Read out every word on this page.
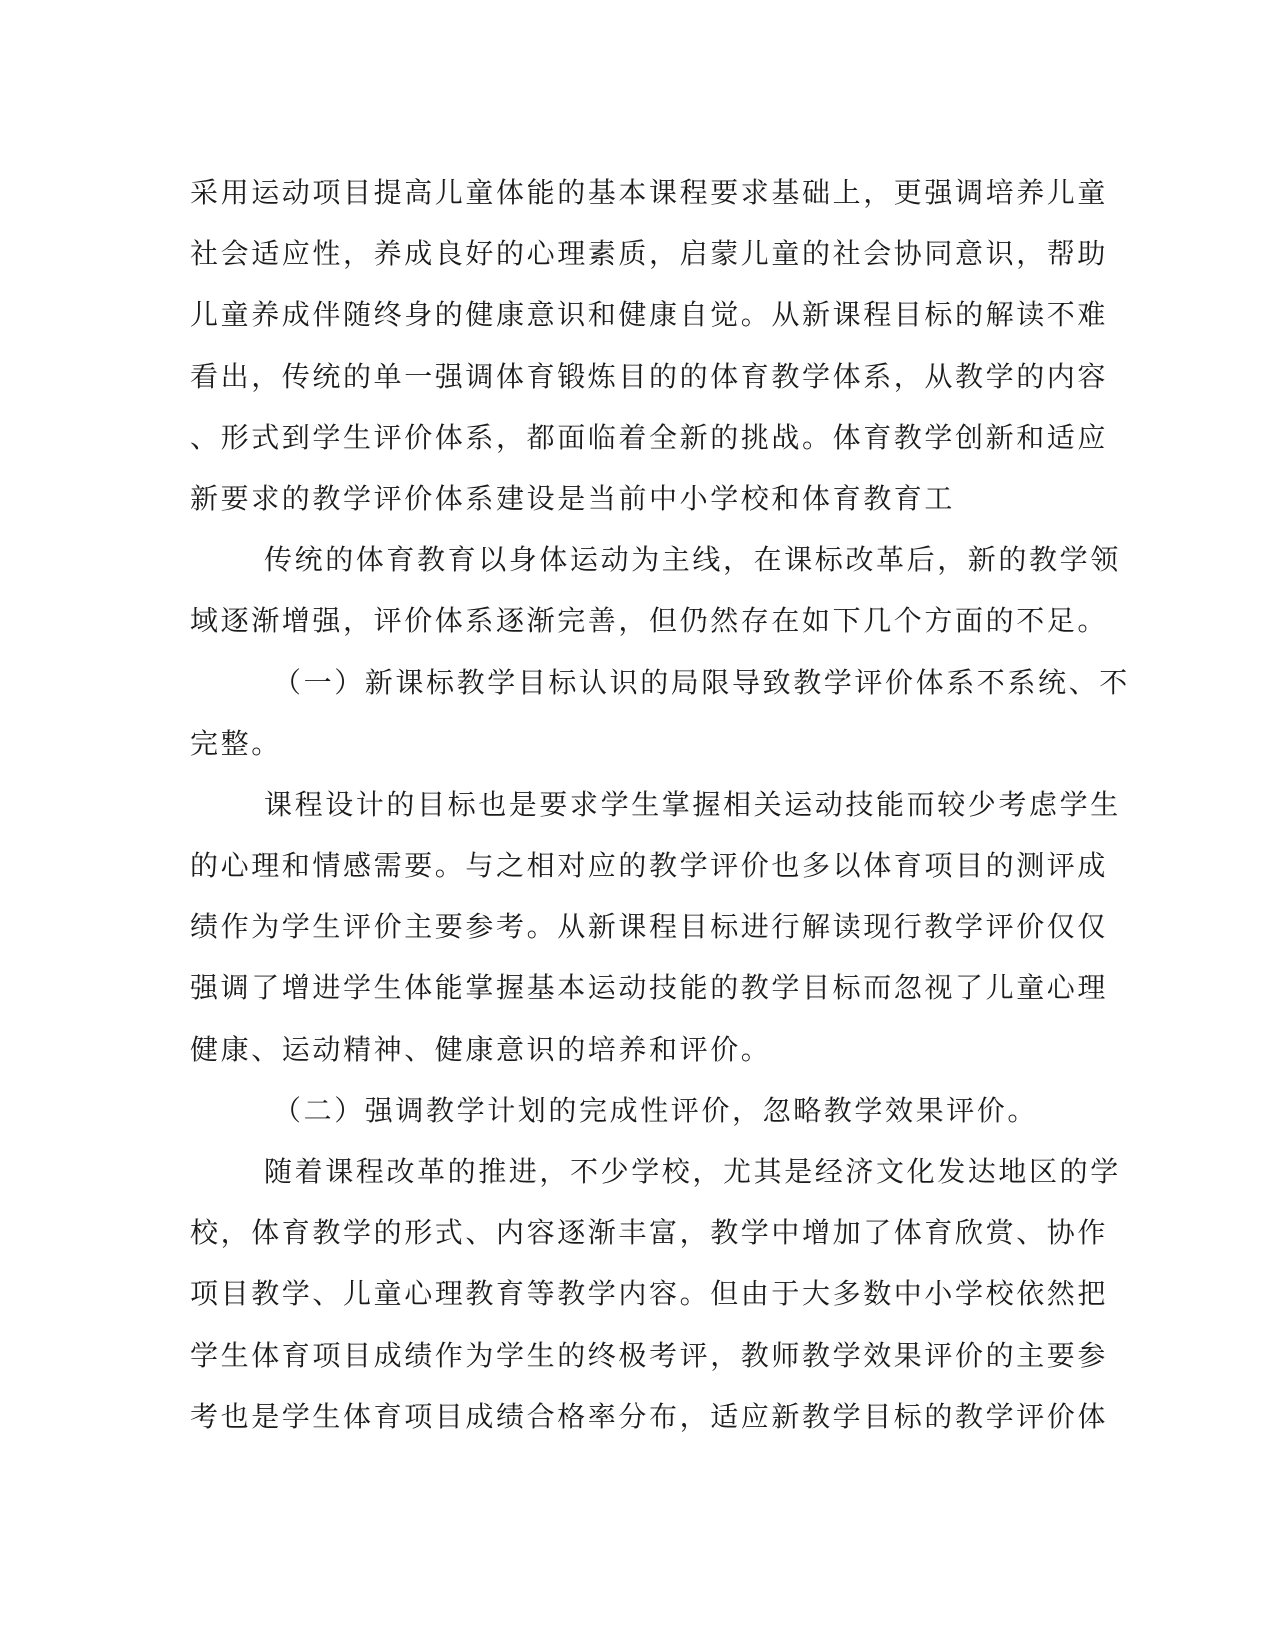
采用运动项目提高儿童体能的基本课程要求基础上，更强调培养儿童
社会适应性，养成良好的心理素质，启蒙儿童的社会协同意识，帮助
儿童养成伴随终身的健康意识和健康自觉。从新课程目标的解读不难
看出，传统的单一强调体育锻炼目的的体育教学体系，从教学的内容
、形式到学生评价体系，都面临着全新的挑战。体育教学创新和适应
新要求的教学评价体系建设是当前中小学校和体育教育工
传统的体育教育以身体运动为主线，在课标改革后，新的教学领
域逐渐增强，评价体系逐渐完善，但仍然存在如下几个方面的不足。
（一）新课标教学目标认识的局限导致教学评价体系不系统、不
完整。
课程设计的目标也是要求学生掌握相关运动技能而较少考虑学生
的心理和情感需要。与之相对应的教学评价也多以体育项目的测评成
绩作为学生评价主要参考。从新课程目标进行解读现行教学评价仅仅
强调了增进学生体能掌握基本运动技能的教学目标而忽视了儿童心理
健康、运动精神、健康意识的培养和评价。
（二）强调教学计划的完成性评价，忽略教学效果评价。
随着课程改革的推进，不少学校，尤其是经济文化发达地区的学
校，体育教学的形式、内容逐渐丰富，教学中增加了体育欣赏、协作
项目教学、儿童心理教育等教学内容。但由于大多数中小学校依然把
学生体育项目成绩作为学生的终极考评，教师教学效果评价的主要参
考也是学生体育项目成绩合格率分布，适应新教学目标的教学评价体
